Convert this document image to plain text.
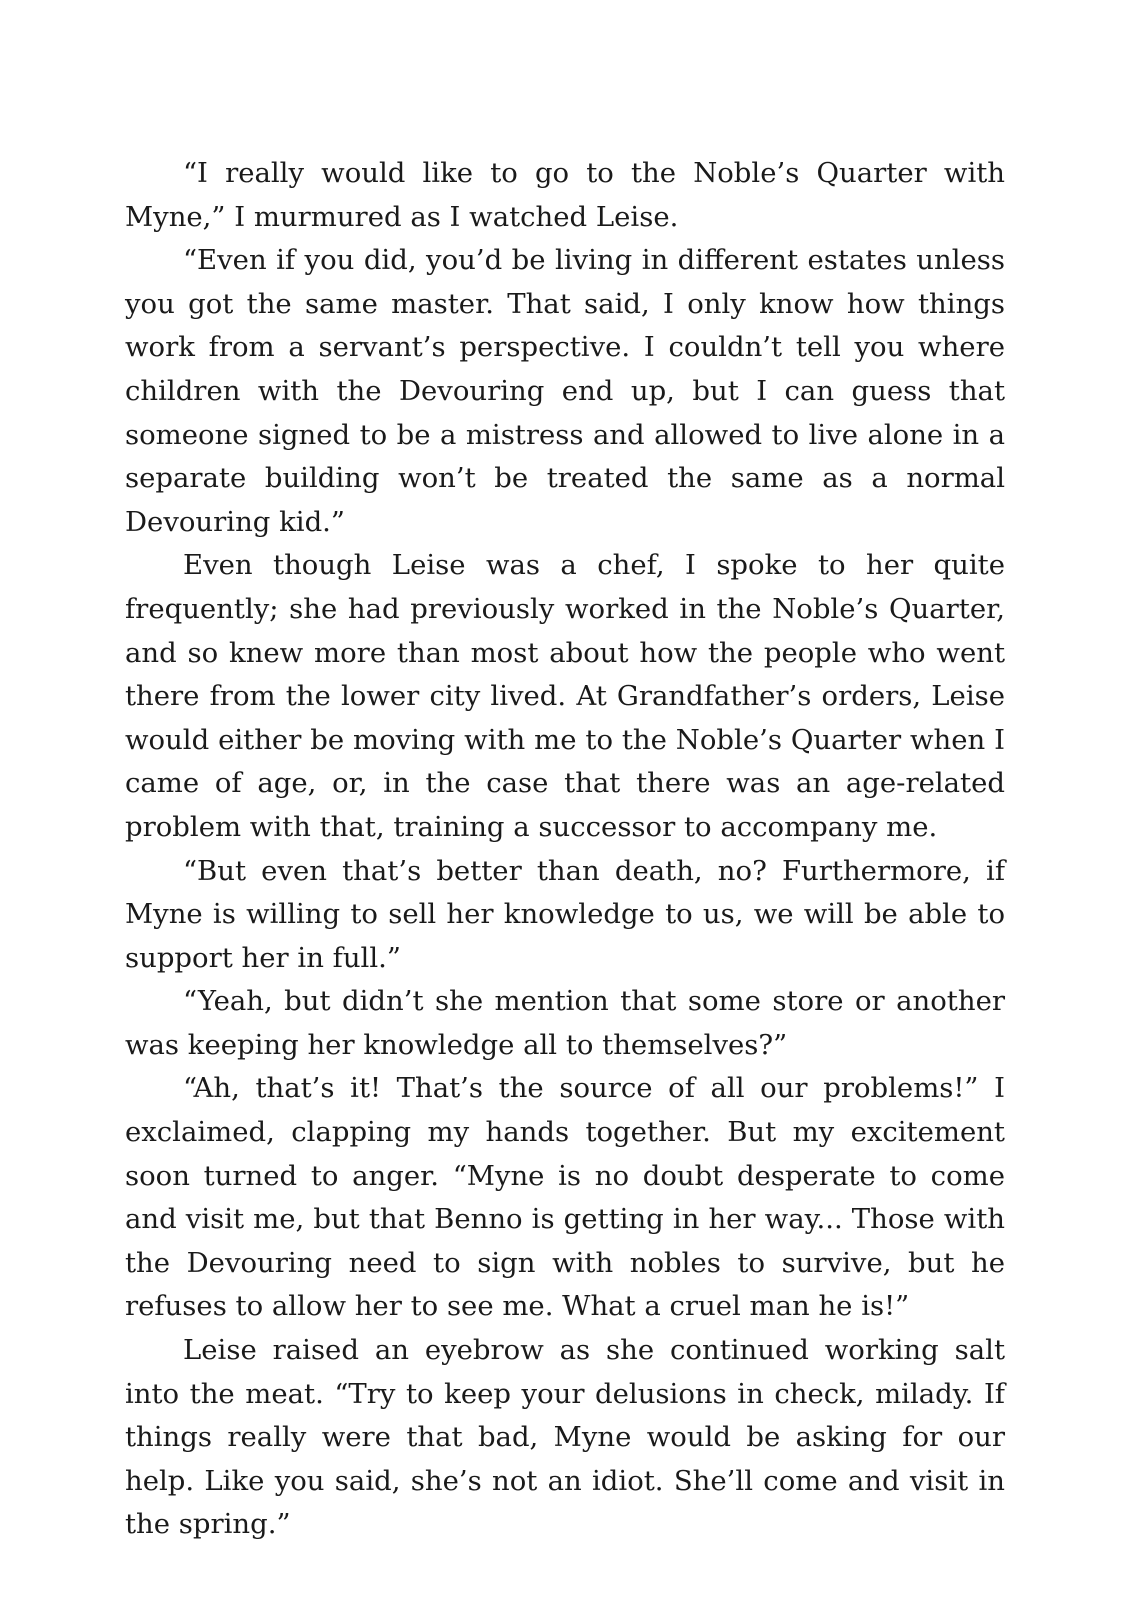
“I really would like to go to the Noble’s Quarter with Myne,” I murmured as I watched Leise.

“Even if you did, you’d be living in different estates unless you got the same master. That said, I only know how things work from a servant’s perspective. I couldn’t tell you where children with the Devouring end up, but I can guess that someone signed to be a mistress and allowed to live alone in a separate building won’t be treated the same as a normal Devouring kid.”

Even though Leise was a chef, I spoke to her quite frequently; she had previously worked in the Noble’s Quarter, and so knew more than most about how the people who went there from the lower city lived. At Grandfather’s orders, Leise would either be moving with me to the Noble’s Quarter when I came of age, or, in the case that there was an age-related problem with that, training a successor to accompany me.

“But even that’s better than death, no? Furthermore, if Myne is willing to sell her knowledge to us, we will be able to support her in full.”

“Yeah, but didn’t she mention that some store or another was keeping her knowledge all to themselves?”

“Ah, that’s it! That’s the source of all our problems!” I exclaimed, clapping my hands together. But my excitement soon turned to anger. “Myne is no doubt desperate to come and visit me, but that Benno is getting in her way... Those with the Devouring need to sign with nobles to survive, but he refuses to allow her to see me. What a cruel man he is!”

Leise raised an eyebrow as she continued working salt into the meat. “Try to keep your delusions in check, milady. If things really were that bad, Myne would be asking for our help. Like you said, she’s not an idiot. She’ll come and visit in the spring.”
